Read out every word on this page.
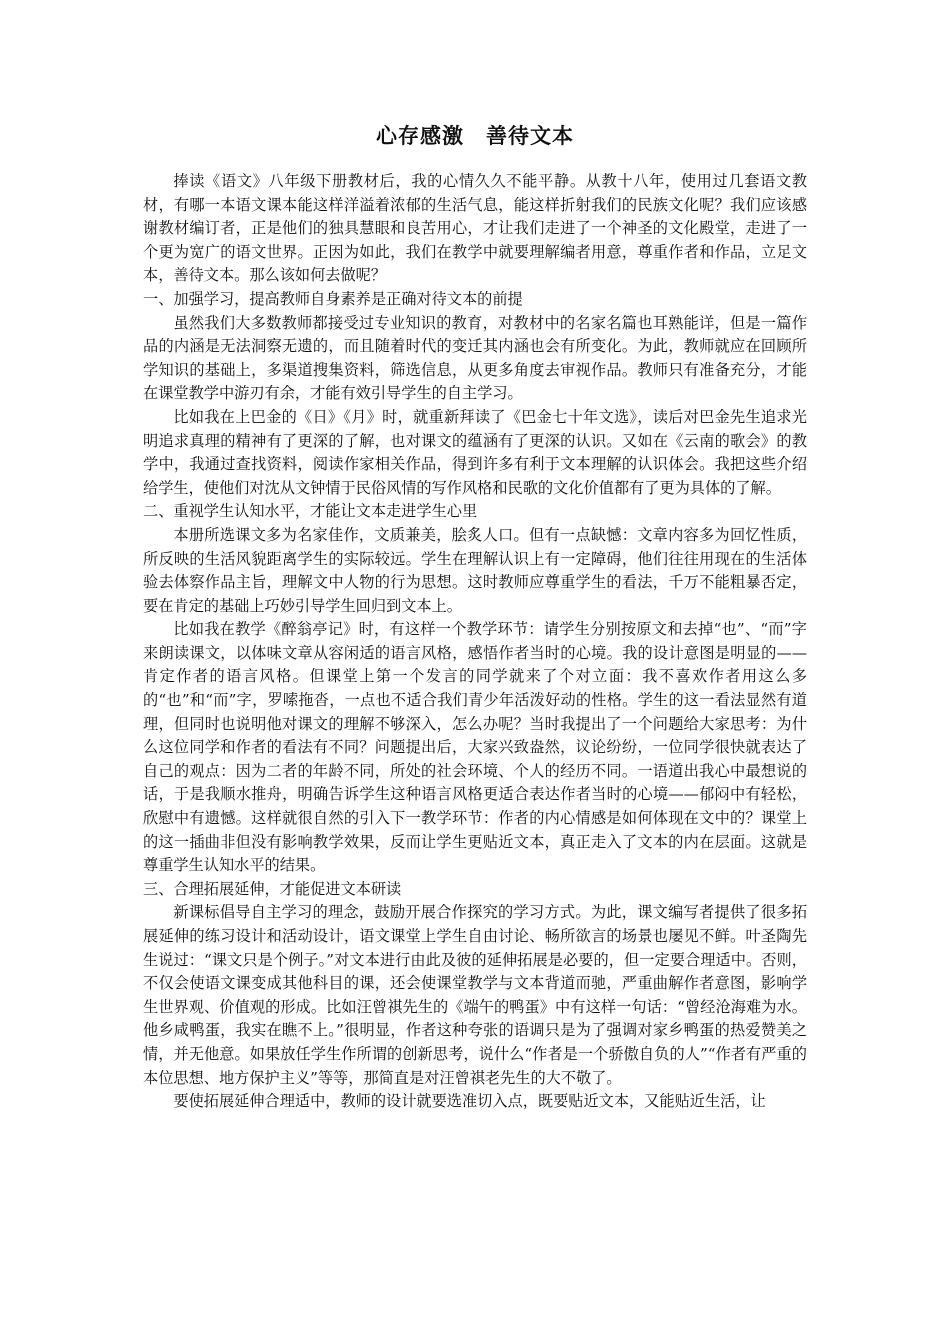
心存感激　善待文本

捧读《语文》八年级下册教材后，我的心情久久不能平静。从教十八年，使用过几套语文教材，有哪一本语文课本能这样洋溢着浓郁的生活气息，能这样折射我们的民族文化呢？我们应该感谢教材编订者，正是他们的独具慧眼和良苦用心，才让我们走进了一个神圣的文化殿堂，走进了一个更为宽广的语文世界。正因为如此，我们在教学中就要理解编者用意，尊重作者和作品，立足文本，善待文本。那么该如何去做呢？

一、加强学习，提高教师自身素养是正确对待文本的前提

虽然我们大多数教师都接受过专业知识的教育，对教材中的名家名篇也耳熟能详，但是一篇作品的内涵是无法洞察无遗的，而且随着时代的变迁其内涵也会有所变化。为此，教师就应在回顾所学知识的基础上，多渠道搜集资料，筛选信息，从更多角度去审视作品。教师只有准备充分，才能在课堂教学中游刃有余，才能有效引导学生的自主学习。

比如我在上巴金的《日》《月》时，就重新拜读了《巴金七十年文选》，读后对巴金先生追求光明追求真理的精神有了更深的了解，也对课文的蕴涵有了更深的认识。又如在《云南的歌会》的教学中，我通过查找资料，阅读作家相关作品，得到许多有利于文本理解的认识体会。我把这些介绍给学生，使他们对沈从文钟情于民俗风情的写作风格和民歌的文化价值都有了更为具体的了解。

二、重视学生认知水平，才能让文本走进学生心里

本册所选课文多为名家佳作，文质兼美，脍炙人口。但有一点缺憾：文章内容多为回忆性质，所反映的生活风貌距离学生的实际较远。学生在理解认识上有一定障碍，他们往往用现在的生活体验去体察作品主旨，理解文中人物的行为思想。这时教师应尊重学生的看法，千万不能粗暴否定，要在肯定的基础上巧妙引导学生回归到文本上。

比如我在教学《醉翁亭记》时，有这样一个教学环节：请学生分别按原文和去掉“也”、“而”字来朗读课文，以体味文章从容闲适的语言风格，感悟作者当时的心境。我的设计意图是明显的——肯定作者的语言风格。但课堂上第一个发言的同学就来了个对立面：我不喜欢作者用这么多的“也”和“而”字，罗嗦拖沓，一点也不适合我们青少年活泼好动的性格。学生的这一看法显然有道理，但同时也说明他对课文的理解不够深入，怎么办呢？当时我提出了一个问题给大家思考：为什么这位同学和作者的看法有不同？问题提出后，大家兴致盎然，议论纷纷，一位同学很快就表达了自己的观点：因为二者的年龄不同，所处的社会环境、个人的经历不同。一语道出我心中最想说的话，于是我顺水推舟，明确告诉学生这种语言风格更适合表达作者当时的心境——郁闷中有轻松，欣慰中有遗憾。这样就很自然的引入下一教学环节：作者的内心情感是如何体现在文中的？课堂上的这一插曲非但没有影响教学效果，反而让学生更贴近文本，真正走入了文本的内在层面。这就是尊重学生认知水平的结果。

三、合理拓展延伸，才能促进文本研读

新课标倡导自主学习的理念，鼓励开展合作探究的学习方式。为此，课文编写者提供了很多拓展延伸的练习设计和活动设计，语文课堂上学生自由讨论、畅所欲言的场景也屡见不鲜。叶圣陶先生说过：“课文只是个例子。”对文本进行由此及彼的延伸拓展是必要的，但一定要合理适中。否则，不仅会使语文课变成其他科目的课，还会使课堂教学与文本背道而驰，严重曲解作者意图，影响学生世界观、价值观的形成。比如汪曾祺先生的《端午的鸭蛋》中有这样一句话：“曾经沧海难为水。他乡咸鸭蛋，我实在瞧不上。”很明显，作者这种夸张的语调只是为了强调对家乡鸭蛋的热爱赞美之情，并无他意。如果放任学生作所谓的创新思考，说什么“作者是一个骄傲自负的人”“作者有严重的本位思想、地方保护主义”等等，那简直是对汪曾祺老先生的大不敬了。

要使拓展延伸合理适中，教师的设计就要选准切入点，既要贴近文本，又能贴近生活，让
